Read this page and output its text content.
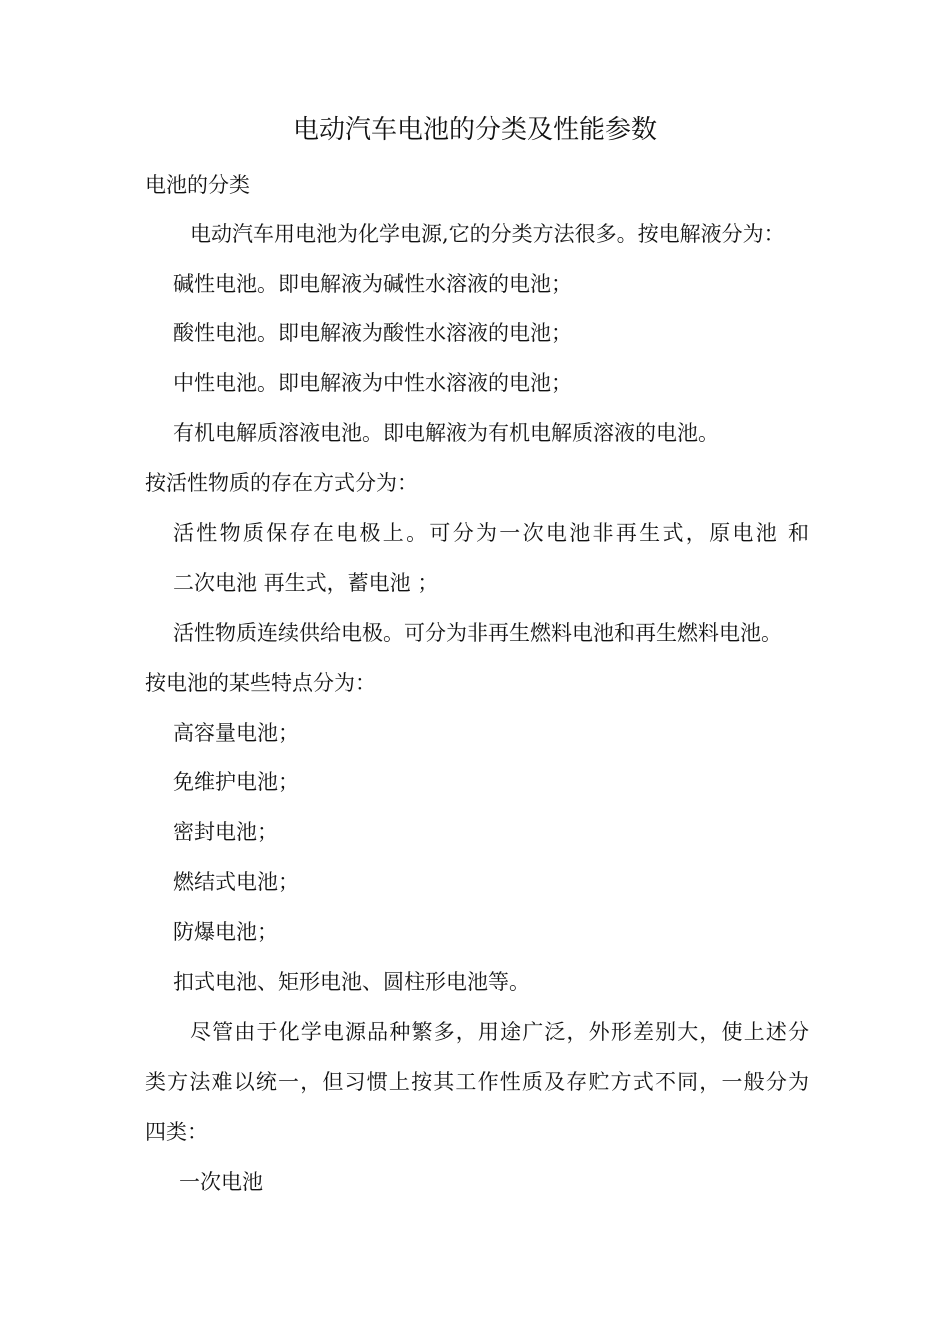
电动汽车电池的分类及性能参数
电池的分类
电动汽车用电池为化学电源,它的分类方法很多。按电解液分为：
碱性电池。即电解液为碱性水溶液的电池；
酸性电池。即电解液为酸性水溶液的电池；
中性电池。即电解液为中性水溶液的电池；
有机电解质溶液电池。即电解液为有机电解质溶液的电池。
按活性物质的存在方式分为：
活性物质保存在电极上。可分为一次电池非再生式，原电池 和
二次电池 再生式，蓄电池 ；
活性物质连续供给电极。可分为非再生燃料电池和再生燃料电池。
按电池的某些特点分为：
高容量电池；
免维护电池；
密封电池；
燃结式电池；
防爆电池；
扣式电池、矩形电池、圆柱形电池等。
尽管由于化学电源品种繁多，用途广泛，外形差别大，使上述分
类方法难以统一，但习惯上按其工作性质及存贮方式不同，一般分为
四类：
一次电池
